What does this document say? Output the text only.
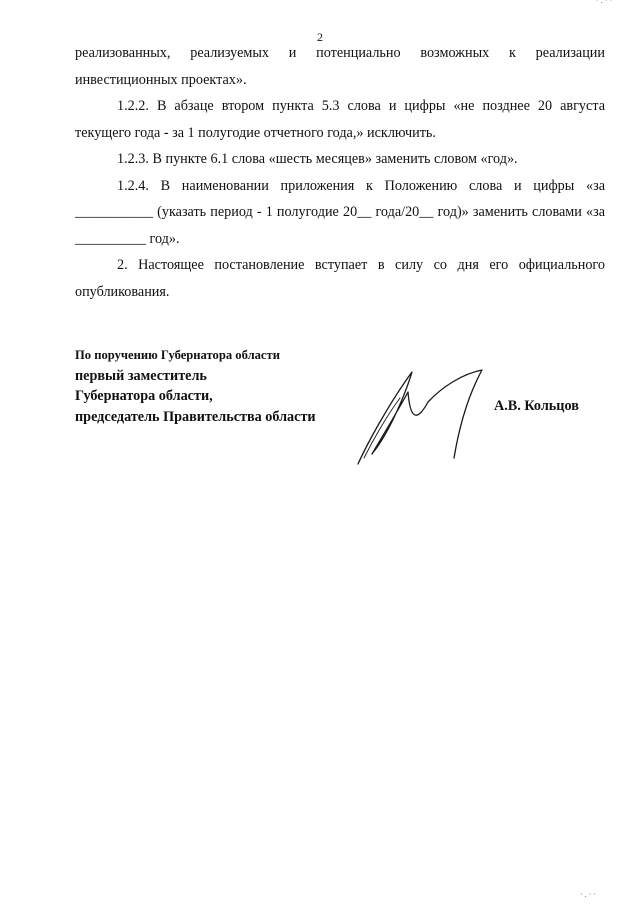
· . · ·
2

реализованных, реализуемых и потенциально возможных к реализации инвестиционных проектах».

1.2.2. В абзаце втором пункта 5.3 слова и цифры «не позднее 20 августа текущего года - за 1 полугодие отчетного года,» исключить.

1.2.3. В пункте 6.1 слова «шесть месяцев» заменить словом «год».

1.2.4. В наименовании приложения к Положению слова и цифры «за ___________ (указать период - 1 полугодие 20__ года/20__ год)» заменить словами «за __________ год».

2. Настоящее постановление вступает в силу со дня его официального опубликования.

По поручению Губернатора области
первый заместитель
Губернатора области,
председатель Правительства области
А.В. Кольцов
· . · ·
